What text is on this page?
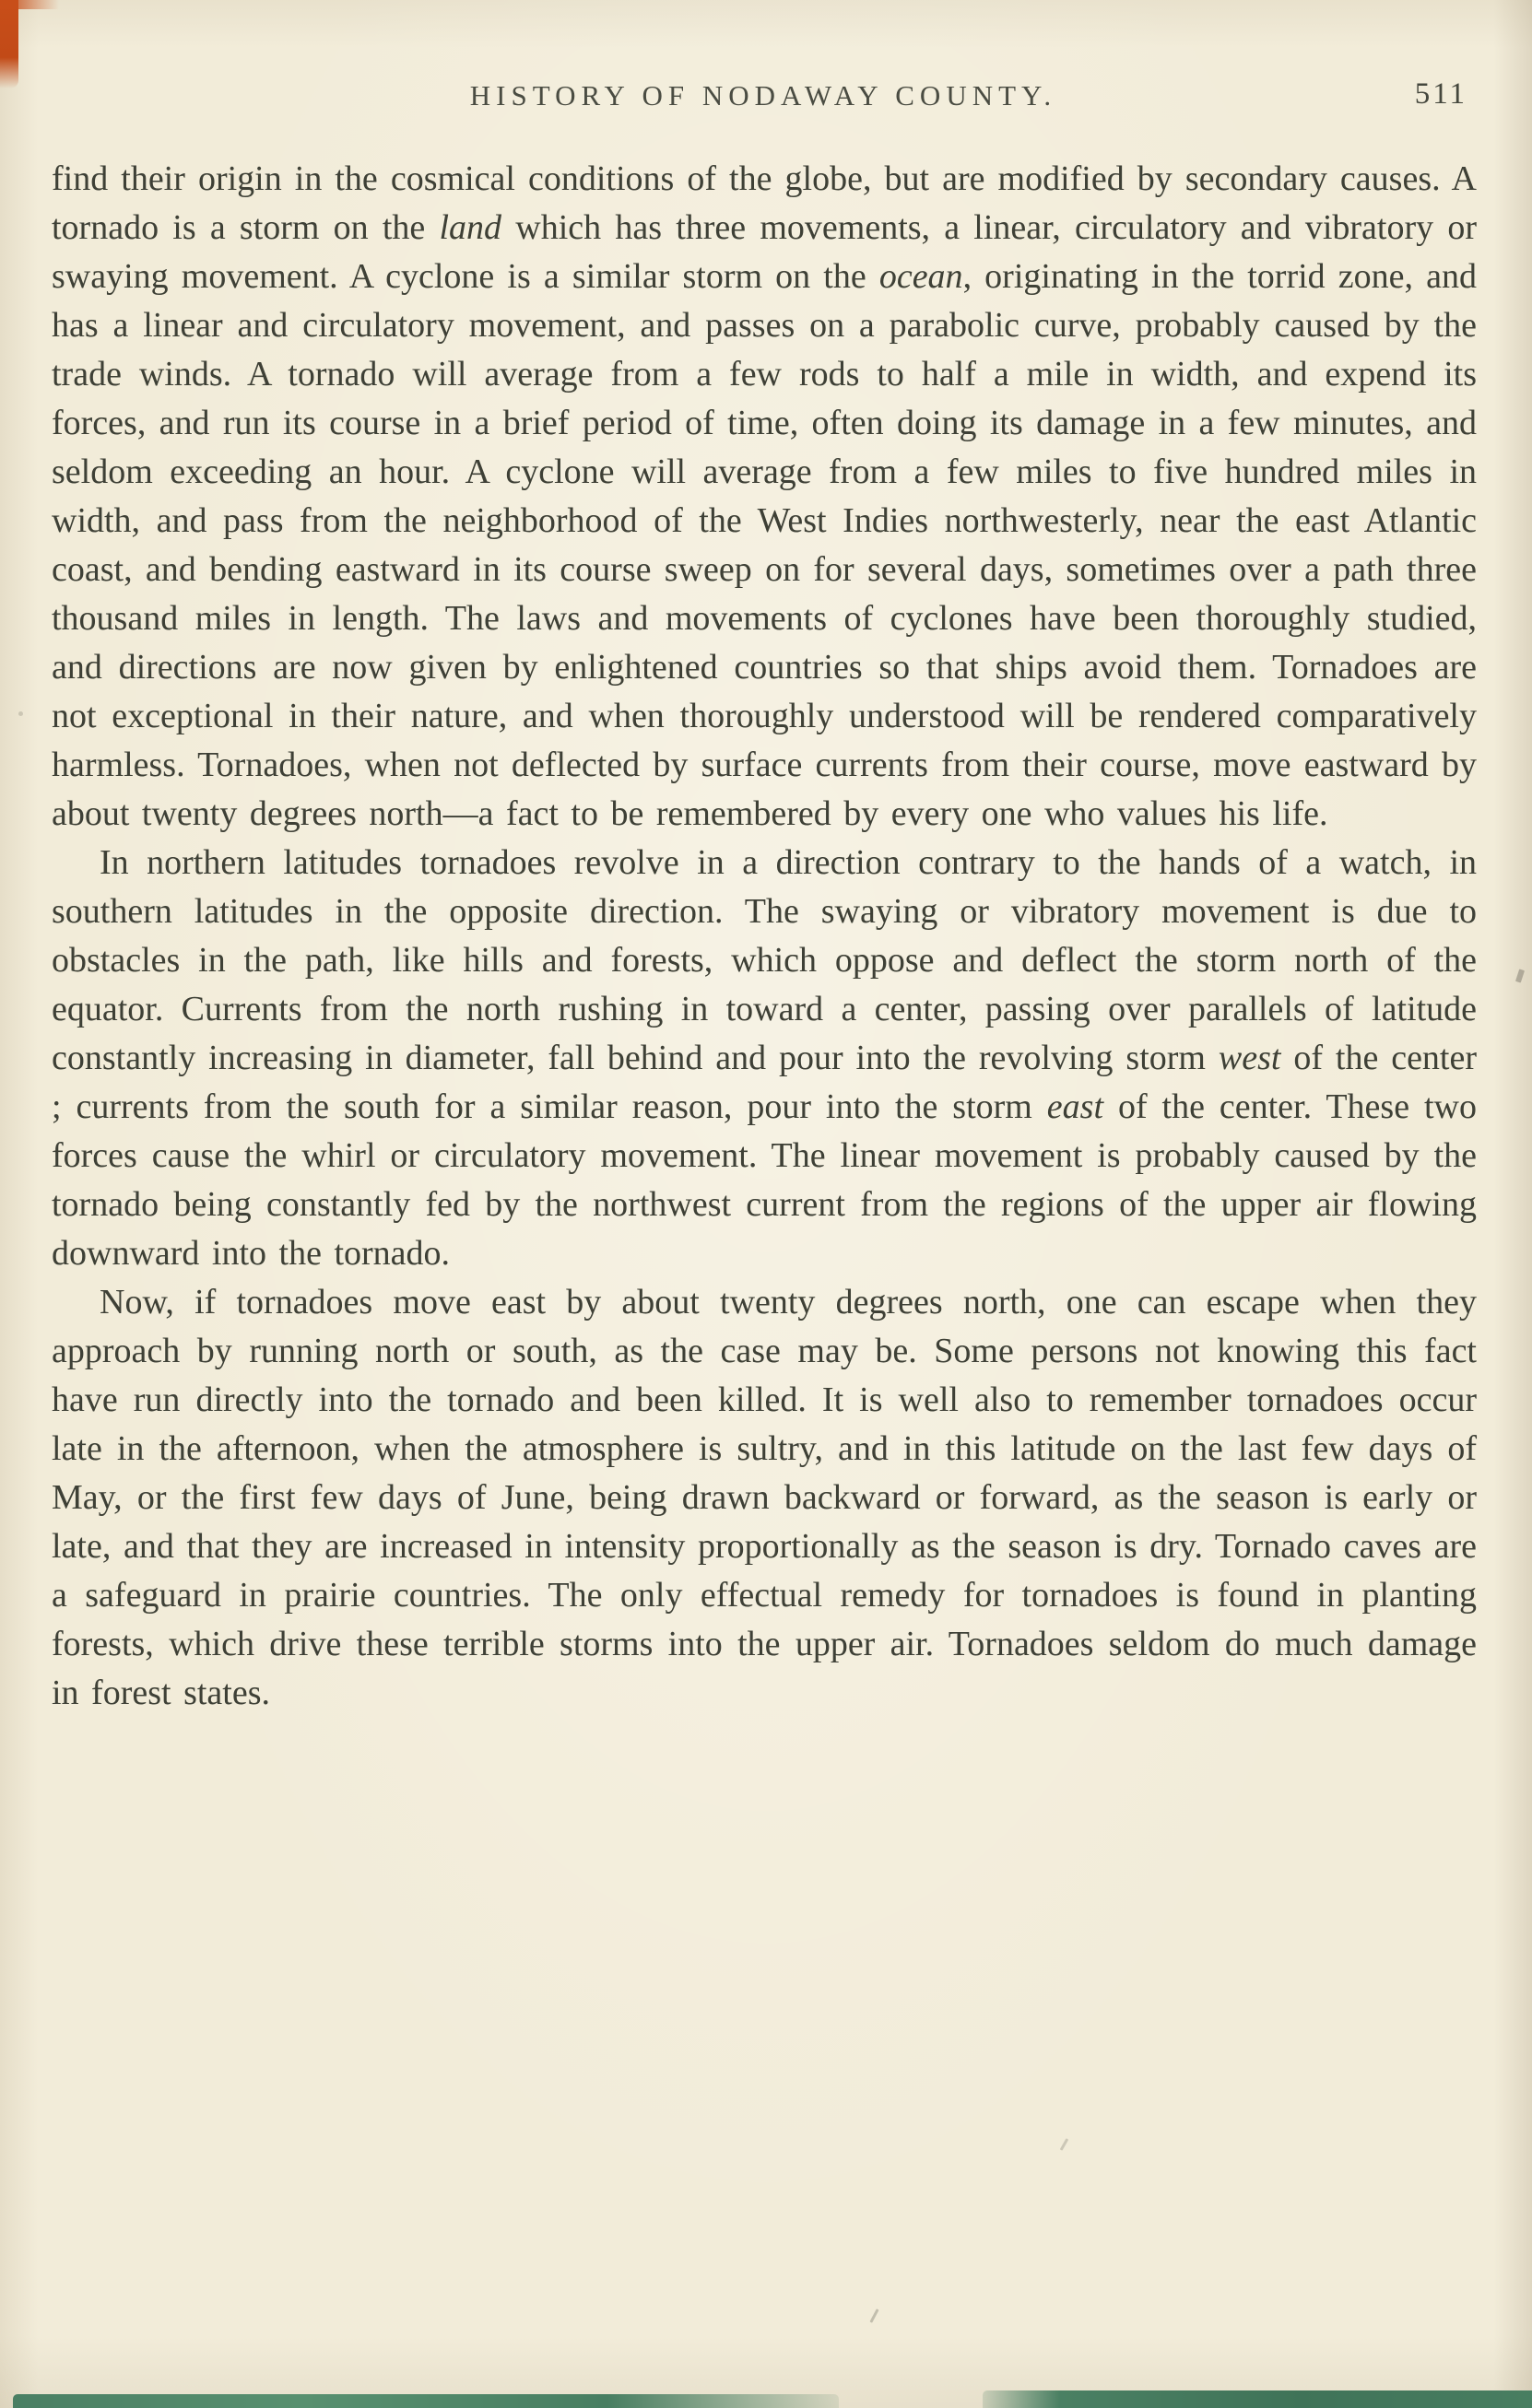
HISTORY OF NODAWAY COUNTY.	511

find their origin in the cosmical conditions of the globe, but are modified by secondary causes. A tornado is a storm on the land which has three movements, a linear, circulatory and vibratory or swaying movement. A cyclone is a similar storm on the ocean, originating in the torrid zone, and has a linear and circulatory movement, and passes on a parabolic curve, probably caused by the trade winds. A tornado will average from a few rods to half a mile in width, and expend its forces, and run its course in a brief period of time, often doing its damage in a few minutes, and seldom exceeding an hour. A cyclone will average from a few miles to five hundred miles in width, and pass from the neighborhood of the West Indies northwesterly, near the east Atlantic coast, and bending eastward in its course sweep on for several days, sometimes over a path three thousand miles in length. The laws and movements of cyclones have been thoroughly studied, and directions are now given by enlightened countries so that ships avoid them. Tornadoes are not exceptional in their nature, and when thoroughly understood will be rendered comparatively harmless. Tornadoes, when not deflected by surface currents from their course, move eastward by about twenty degrees north—a fact to be remembered by every one who values his life.

In northern latitudes tornadoes revolve in a direction contrary to the hands of a watch, in southern latitudes in the opposite direction. The swaying or vibratory movement is due to obstacles in the path, like hills and forests, which oppose and deflect the storm north of the equator. Currents from the north rushing in toward a center, passing over parallels of latitude constantly increasing in diameter, fall behind and pour into the revolving storm west of the center ; currents from the south for a similar reason, pour into the storm east of the center. These two forces cause the whirl or circulatory movement. The linear movement is probably caused by the tornado being constantly fed by the northwest current from the regions of the upper air flowing downward into the tornado.

Now, if tornadoes move east by about twenty degrees north, one can escape when they approach by running north or south, as the case may be. Some persons not knowing this fact have run directly into the tornado and been killed. It is well also to remember tornadoes occur late in the afternoon, when the atmosphere is sultry, and in this latitude on the last few days of May, or the first few days of June, being drawn backward or forward, as the season is early or late, and that they are increased in intensity proportionally as the season is dry. Tornado caves are a safeguard in prairie countries. The only effectual remedy for tornadoes is found in planting forests, which drive these terrible storms into the upper air. Tornadoes seldom do much damage in forest states.
